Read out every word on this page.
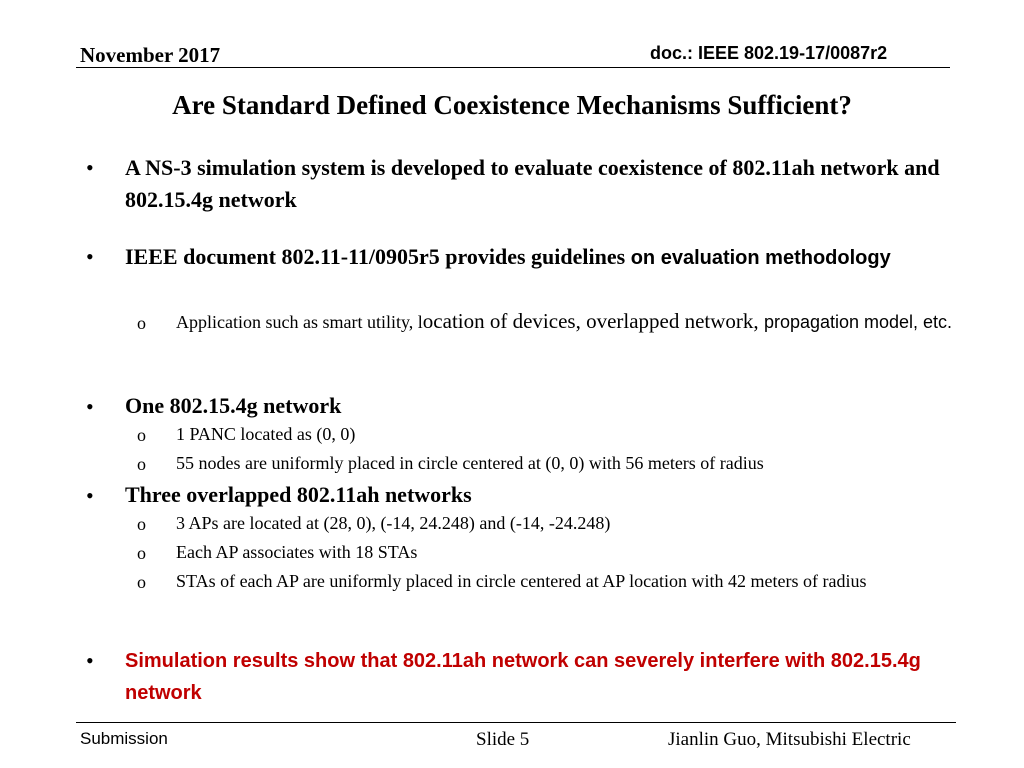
November 2017	doc.: IEEE 802.19-17/0087r2
Are Standard Defined Coexistence Mechanisms Sufficient?
• A NS-3 simulation system is developed to evaluate coexistence of 802.11ah network and 802.15.4g network
• IEEE document 802.11-11/0905r5 provides guidelines on evaluation methodology
o Application such as smart utility, location of devices, overlapped network, propagation model, etc.
• One 802.15.4g network
o 1 PANC located as (0, 0)
o 55 nodes are uniformly placed in circle centered at (0, 0) with 56 meters of radius
• Three overlapped 802.11ah networks
o 3 APs are located at (28, 0), (-14, 24.248) and (-14, -24.248)
o Each AP associates with 18 STAs
o STAs of each AP are uniformly placed in circle centered at AP location with 42 meters of radius
• Simulation results show that 802.11ah network can severely interfere with 802.15.4g network
Submission	Slide 5	Jianlin Guo, Mitsubishi Electric
